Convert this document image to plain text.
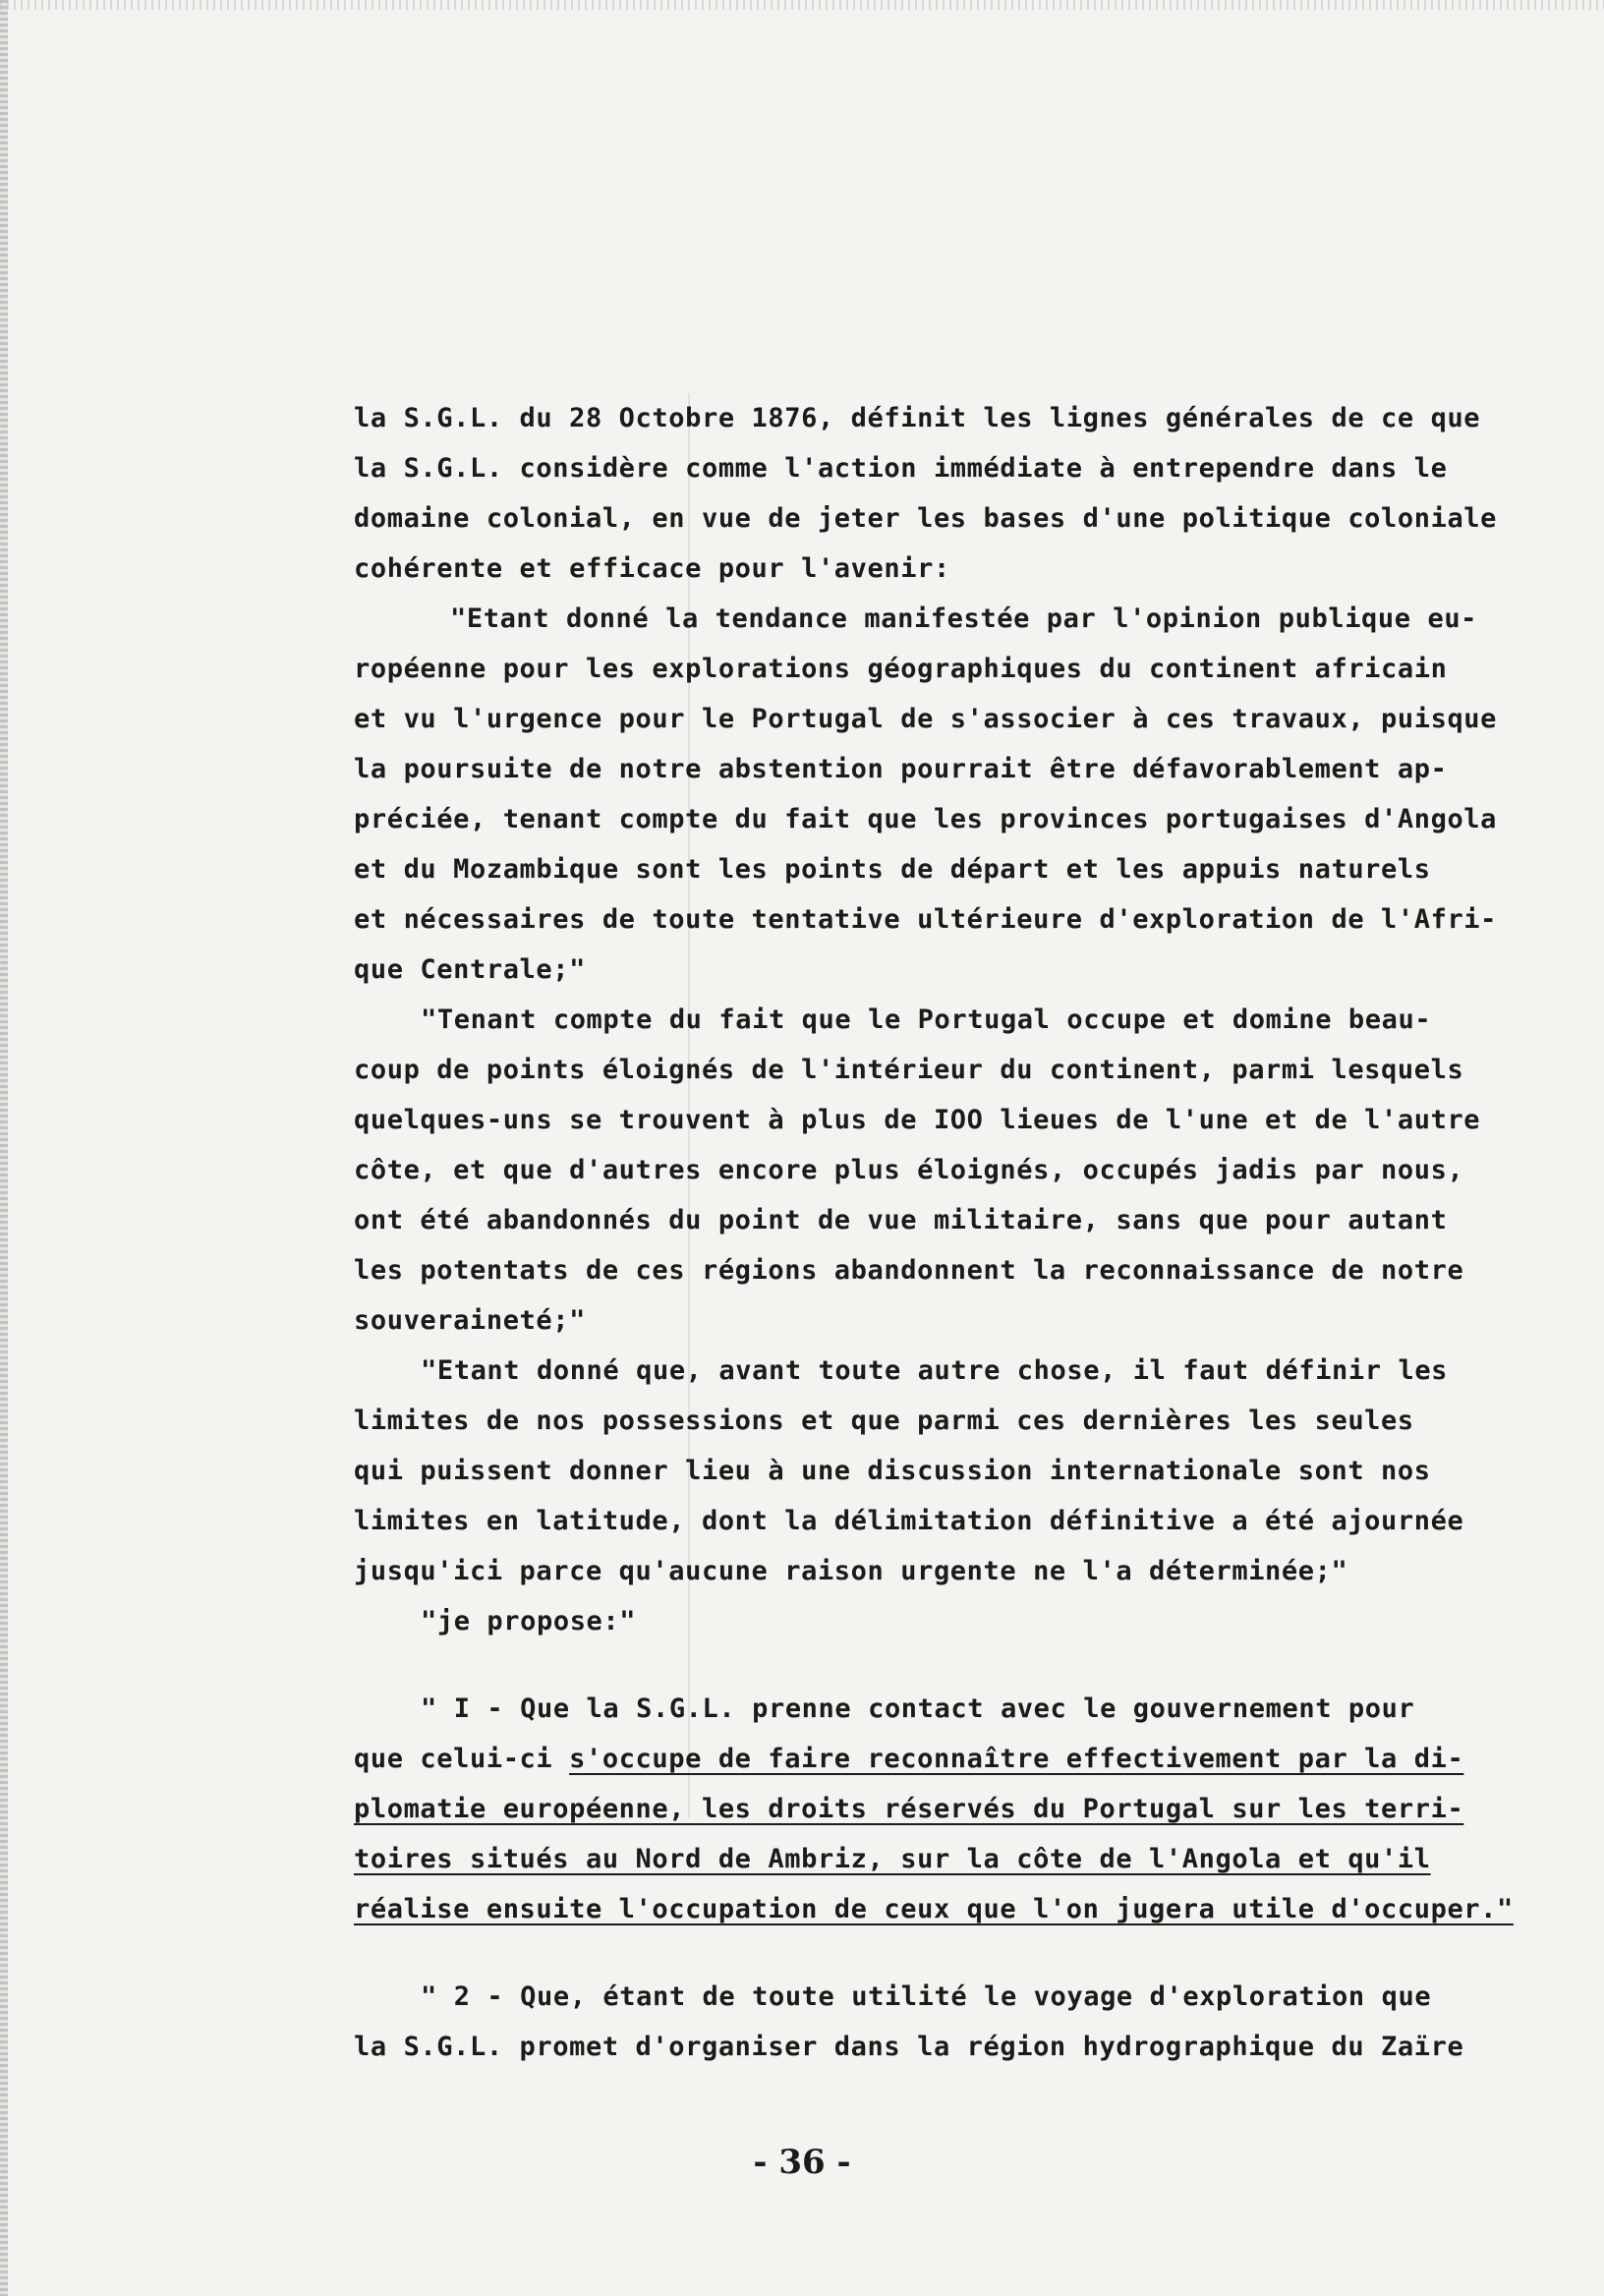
la S.G.L. du 28 Octobre 1876, définit les lignes générales de ce que
la S.G.L. considère comme l'action immédiate à entrependre dans le
domaine colonial, en vue de jeter les bases d'une politique coloniale
cohérente et efficace pour l'avenir:
"Etant donné la tendance manifestée par l'opinion publique eu-
ropéenne pour les explorations géographiques du continent africain
et vu l'urgence pour le Portugal de s'associer à ces travaux, puisque
la poursuite de notre abstention pourrait être défavorablement ap-
préciée, tenant compte du fait que les provinces portugaises d'Angola
et du Mozambique sont les points de départ et les appuis naturels
et nécessaires de toute tentative ultérieure d'exploration de l'Afri-
que Centrale;"
"Tenant compte du fait que le Portugal occupe et domine beau-
coup de points éloignés de l'intérieur du continent, parmi lesquels
quelques-uns se trouvent à plus de IOO lieues de l'une et de l'autre
côte, et que d'autres encore plus éloignés, occupés jadis par nous,
ont été abandonnés du point de vue militaire, sans que pour autant
les potentats de ces régions abandonnent la reconnaissance de notre
souveraineté;"
"Etant donné que, avant toute autre chose, il faut définir les
limites de nos possessions et que parmi ces dernières les seules
qui puissent donner lieu à une discussion internationale sont nos
limites en latitude, dont la délimitation définitive a été ajournée
jusqu'ici parce qu'aucune raison urgente ne l'a déterminée;"
"je propose:"
" I - Que la S.G.L. prenne contact avec le gouvernement pour
que celui-ci s'occupe de faire reconnaître effectivement par la di-
plomatie européenne, les droits réservés du Portugal sur les terri-
toires situés au Nord de Ambriz, sur la côte de l'Angola et qu'il
réalise ensuite l'occupation de ceux que l'on jugera utile d'occuper."
" 2 - Que, étant de toute utilité le voyage d'exploration que
la S.G.L. promet d'organiser dans la région hydrographique du Zaïre
- 36 -
